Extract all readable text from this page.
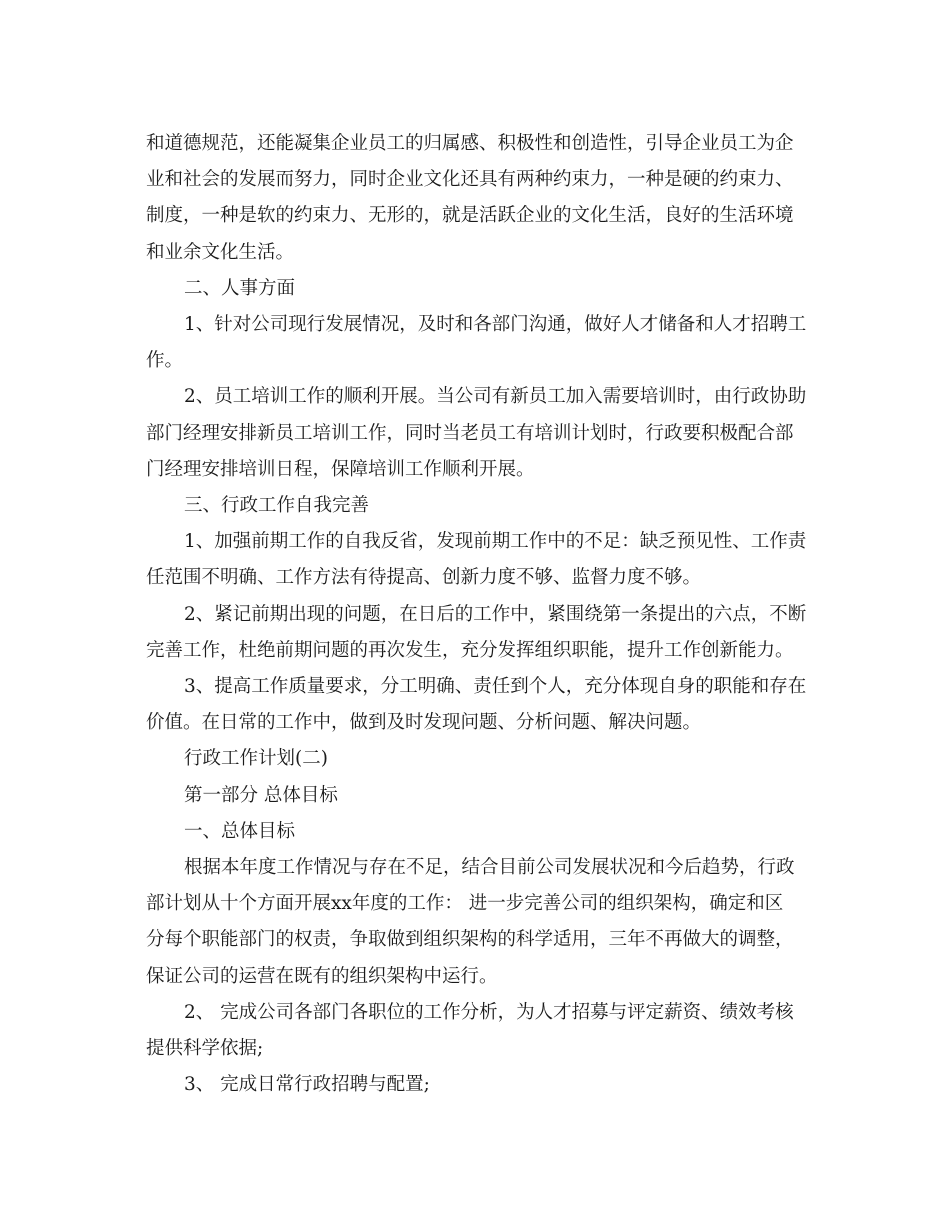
和道德规范，还能凝集企业员工的归属感、积极性和创造性，引导企业员工为企

业和社会的发展而努力，同时企业文化还具有两种约束力，一种是硬的约束力、

制度，一种是软的约束力、无形的，就是活跃企业的文化生活，良好的生活环境

和业余文化生活。

二、人事方面

1、针对公司现行发展情况，及时和各部门沟通，做好人才储备和人才招聘工

作。

2、员工培训工作的顺利开展。当公司有新员工加入需要培训时，由行政协助

部门经理安排新员工培训工作，同时当老员工有培训计划时，行政要积极配合部

门经理安排培训日程，保障培训工作顺利开展。

三、行政工作自我完善

1、加强前期工作的自我反省，发现前期工作中的不足：缺乏预见性、工作责

任范围不明确、工作方法有待提高、创新力度不够、监督力度不够。

2、紧记前期出现的问题，在日后的工作中，紧围绕第一条提出的六点，不断

完善工作，杜绝前期问题的再次发生，充分发挥组织职能，提升工作创新能力。

3、提高工作质量要求，分工明确、责任到个人，充分体现自身的职能和存在

价值。在日常的工作中，做到及时发现问题、分析问题、解决问题。

行政工作计划(二)

第一部分 总体目标

一、总体目标

根据本年度工作情况与存在不足，结合目前公司发展状况和今后趋势，行政

部计划从十个方面开展xx年度的工作： 进一步完善公司的组织架构，确定和区

分每个职能部门的权责，争取做到组织架构的科学适用，三年不再做大的调整，

保证公司的运营在既有的组织架构中运行。

2、 完成公司各部门各职位的工作分析，为人才招募与评定薪资、绩效考核

提供科学依据;

3、 完成日常行政招聘与配置;
